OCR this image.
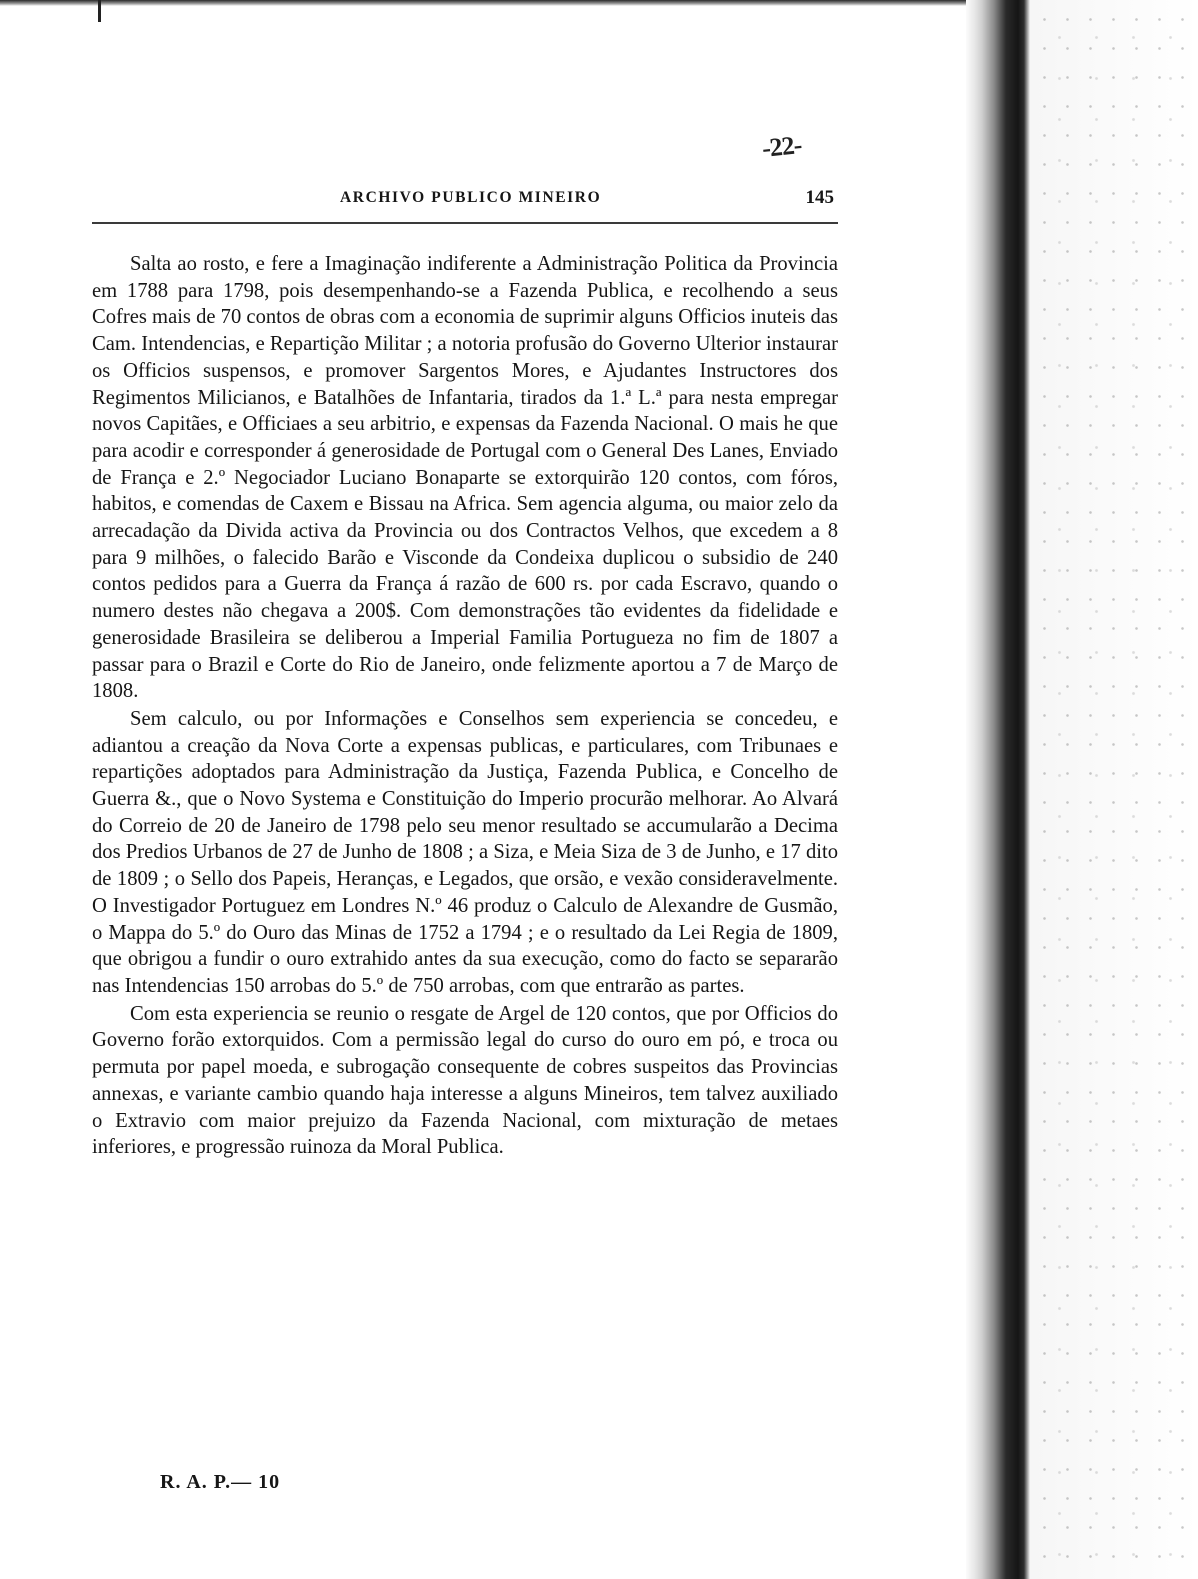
-22-
ARCHIVO PUBLICO MINEIRO	145

Salta ao rosto, e fere a Imaginação indiferente a Administração Politica da Provincia em 1788 para 1798, pois desempenhando-se a Fazenda Publica, e recolhendo a seus Cofres mais de 70 contos de obras com a economia de suprimir alguns Officios inuteis das Cam. Intendencias, e Repartição Militar ; a notoria profusão do Governo Ulterior instaurar os Officios suspensos, e promover Sargentos Mores, e Ajudantes Instructores dos Regimentos Milicianos, e Batalhões de Infantaria, tirados da 1.ª L.ª para nesta empregar novos Capitães, e Officiaes a seu arbitrio, e expensas da Fazenda Nacional. O mais he que para acodir e corresponder á generosidade de Portugal com o General Des Lanes, Enviado de França e 2.º Negociador Luciano Bonaparte se extorquirão 120 contos, com fóros, habitos, e comendas de Caxem e Bissau na Africa. Sem agencia alguma, ou maior zelo da arrecadação da Divida activa da Provincia ou dos Contractos Velhos, que excedem a 8 para 9 milhões, o falecido Barão e Visconde da Condeixa duplicou o subsidio de 240 contos pedidos para a Guerra da França á razão de 600 rs. por cada Escravo, quando o numero destes não chegava a 200$. Com demonstrações tão evidentes da fidelidade e generosidade Brasileira se deliberou a Imperial Familia Portugueza no fim de 1807 a passar para o Brazil e Corte do Rio de Janeiro, onde felizmente aportou a 7 de Março de 1808.

Sem calculo, ou por Informações e Conselhos sem experiencia se concedeu, e adiantou a creação da Nova Corte a expensas publicas, e particulares, com Tribunaes e repartições adoptados para Administração da Justiça, Fazenda Publica, e Concelho de Guerra &., que o Novo Systema e Constituição do Imperio procurão melhorar. Ao Alvará do Correio de 20 de Janeiro de 1798 pelo seu menor resultado se accumularão a Decima dos Predios Urbanos de 27 de Junho de 1808 ; a Siza, e Meia Siza de 3 de Junho, e 17 dito de 1809 ; o Sello dos Papeis, Heranças, e Legados, que orsão, e vexão consideravelmente. O Investigador Portuguez em Londres N.º 46 produz o Calculo de Alexandre de Gusmão, o Mappa do 5.º do Ouro das Minas de 1752 a 1794 ; e o resultado da Lei Regia de 1809, que obrigou a fundir o ouro extrahido antes da sua execução, como do facto se separarão nas Intendencias 150 arrobas do 5.º de 750 arrobas, com que entrarão as partes.

Com esta experiencia se reunio o resgate de Argel de 120 contos, que por Officios do Governo forão extorquidos. Com a permissão legal do curso do ouro em pó, e troca ou permuta por papel moeda, e subrogação consequente de cobres suspeitos das Provincias annexas, e variante cambio quando haja interesse a alguns Mineiros, tem talvez auxiliado o Extravio com maior prejuizo da Fazenda Nacional, com mixturação de metaes inferiores, e progressão ruinoza da Moral Publica.

R. A. P.— 10
